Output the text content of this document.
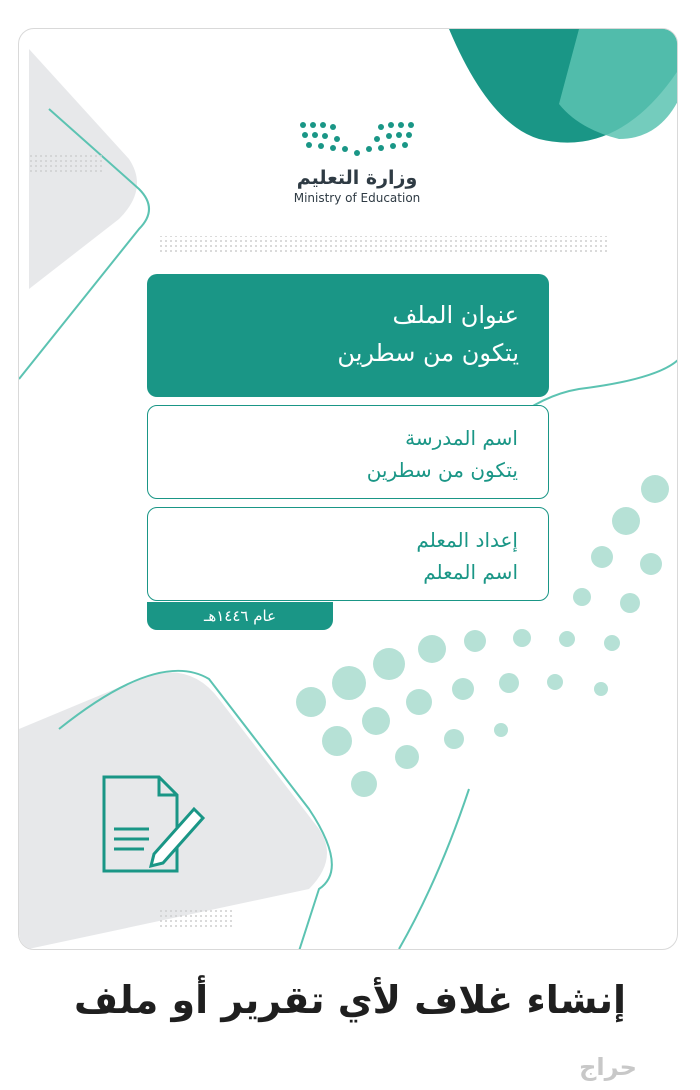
وزارة التعليم
Ministry of Education
عنوان الملف
يتكون من سطرين
اسم المدرسة
يتكون من سطرين
إعداد المعلم
اسم المعلم
عام ١٤٤٦هـ
إنشاء غلاف لأي تقرير أو ملف
حراج
